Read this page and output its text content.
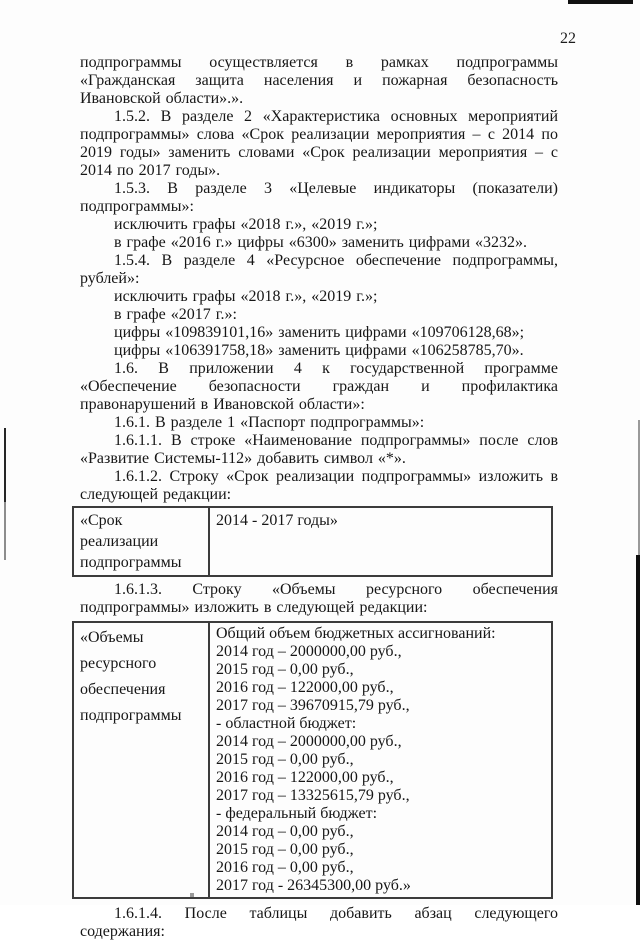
22

подпрограммы осуществляется в рамках подпрограммы «Гражданская защита населения и пожарная безопасность Ивановской области».».

1.5.2. В разделе 2 «Характеристика основных мероприятий подпрограммы» слова «Срок реализации мероприятия – с 2014 по 2019 годы» заменить словами «Срок реализации мероприятия – с 2014 по 2017 годы».

1.5.3. В разделе 3 «Целевые индикаторы (показатели) подпрограммы»:

исключить графы «2018 г.», «2019 г.»;

в графе «2016 г.» цифры «6300» заменить цифрами «3232».

1.5.4. В разделе 4 «Ресурсное обеспечение подпрограммы, рублей»:

исключить графы «2018 г.», «2019 г.»;

в графе «2017 г.»:

цифры «109839101,16» заменить цифрами «109706128,68»;

цифры «106391758,18» заменить цифрами «106258785,70».

1.6. В приложении 4 к государственной программе «Обеспечение безопасности граждан и профилактика правонарушений в Ивановской области»:

1.6.1. В разделе 1 «Паспорт подпрограммы»:

1.6.1.1. В строке «Наименование подпрограммы» после слов «Развитие Системы-112» добавить символ «*».

1.6.1.2. Строку «Срок реализации подпрограммы» изложить в следующей редакции:

«Срок реализации подпрограммы
2014 - 2017 годы»

1.6.1.3. Строку «Объемы ресурсного обеспечения подпрограммы» изложить в следующей редакции:

«Объемы ресурсного обеспечения подпрограммы
Общий объем бюджетных ассигнований:
2014 год – 2000000,00 руб.,
2015 год – 0,00 руб.,
2016 год – 122000,00 руб.,
2017 год – 39670915,79 руб.,
- областной бюджет:
2014 год – 2000000,00 руб.,
2015 год – 0,00 руб.,
2016 год – 122000,00 руб.,
2017 год – 13325615,79 руб.,
- федеральный бюджет:
2014 год – 0,00 руб.,
2015 год – 0,00 руб.,
2016 год – 0,00 руб.,
2017 год - 26345300,00 руб.»

1.6.1.4. После таблицы добавить абзац следующего содержания:
